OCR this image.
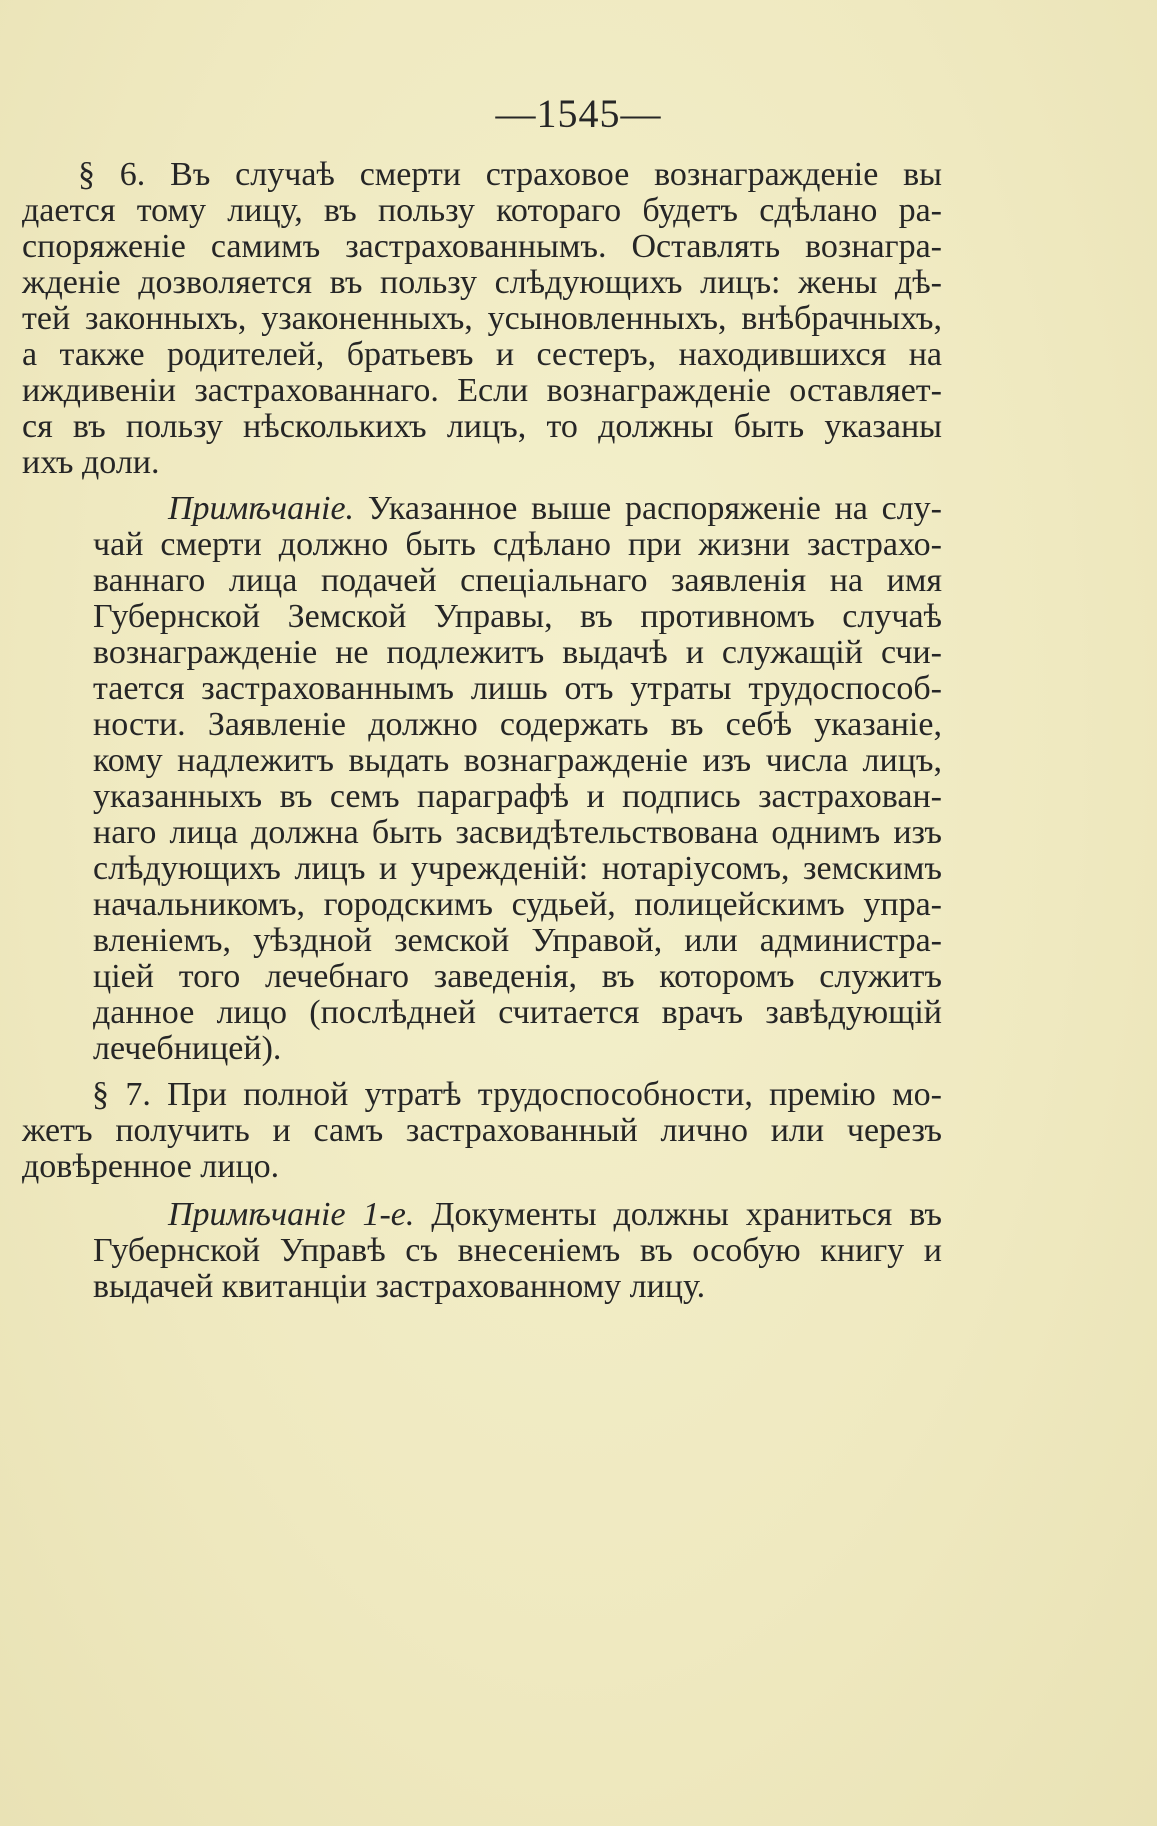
—1545—
§ 6. Въ случаѣ смерти страховое вознагражденіе вы
дается тому лицу, въ пользу котораго будетъ сдѣлано ра-
споряженіе самимъ застрахованнымъ. Оставлять вознагра-
жденіе дозволяется въ пользу слѣдующихъ лицъ: жены дѣ-
тей законныхъ, узаконенныхъ, усыновленныхъ, внѣбрачныхъ,
а также родителей, братьевъ и сестеръ, находившихся на
иждивеніи застрахованнаго. Если вознагражденіе оставляет-
ся въ пользу нѣсколькихъ лицъ, то должны быть указаны
ихъ доли.
Примѣчаніе. Указанное выше распоряженіе на слу-
чай смерти должно быть сдѣлано при жизни застрахо-
ваннаго лица подачей спеціальнаго заявленія на имя
Губернской Земской Управы, въ противномъ случаѣ
вознагражденіе не подлежитъ выдачѣ и служащій счи-
тается застрахованнымъ лишь отъ утраты трудоспособ-
ности. Заявленіе должно содержать въ себѣ указаніе,
кому надлежитъ выдать вознагражденіе изъ числа лицъ,
указанныхъ въ семъ параграфѣ и подпись застрахован-
наго лица должна быть засвидѣтельствована однимъ изъ
слѣдующихъ лицъ и учрежденій: нотаріусомъ, земскимъ
начальникомъ, городскимъ судьей, полицейскимъ упра-
вленіемъ, уѣздной земской Управой, или администра-
ціей того лечебнаго заведенія, въ которомъ служитъ
данное лицо (послѣдней считается врачъ завѣдующій
лечебницей).
§ 7. При полной утратѣ трудоспособности, премію мо-
жетъ получить и самъ застрахованный лично или черезъ
довѣренное лицо.
Примѣчаніе 1-е. Документы должны храниться въ
Губернской Управѣ съ внесеніемъ въ особую книгу и
выдачей квитанціи застрахованному лицу.
